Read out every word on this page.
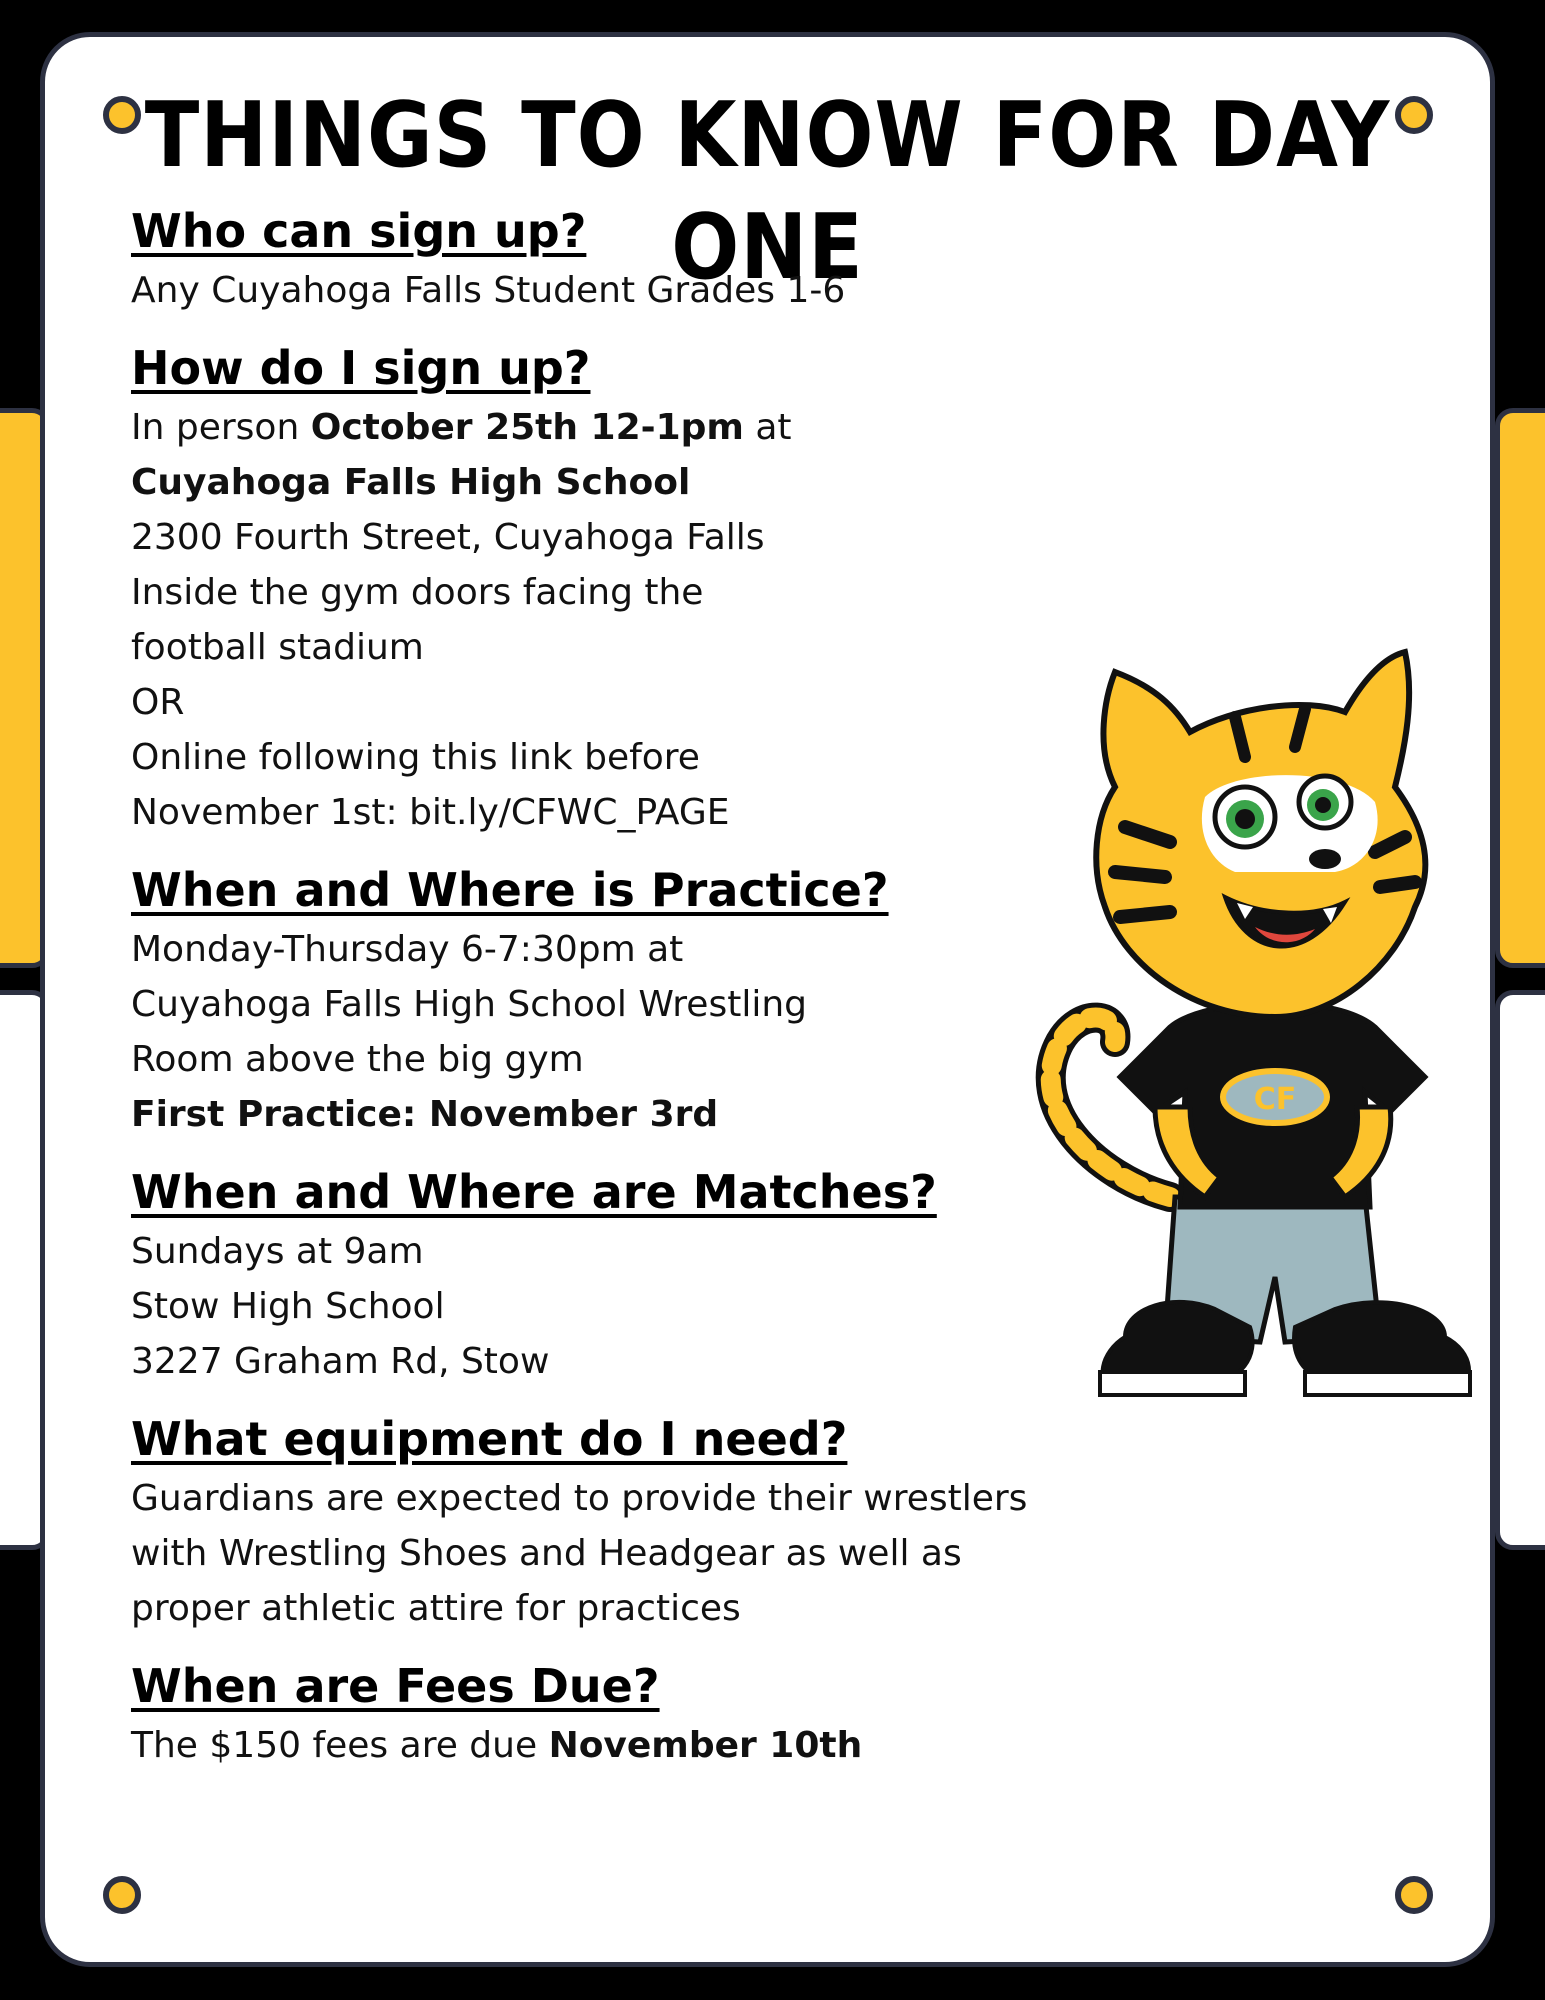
THINGS TO KNOW FOR DAY ONE
Who can sign up?

Any Cuyahoga Falls Student Grades 1-6

How do I sign up?

In person October 25th 12-1pm at

Cuyahoga Falls High School

2300 Fourth Street, Cuyahoga Falls

Inside the gym doors facing the

football stadium

OR

Online following this link before

November 1st: bit.ly/CFWC_PAGE

When and Where is Practice?

Monday-Thursday 6-7:30pm at

Cuyahoga Falls High School Wrestling

Room above the big gym

First Practice: November 3rd

When and Where are Matches?

Sundays at 9am

Stow High School

3227 Graham Rd, Stow

What equipment do I need?

Guardians are expected to provide their wrestlers

with Wrestling Shoes and Headgear as well as

proper athletic attire for practices

When are Fees Due?

The $150 fees are due November 10th

CF
